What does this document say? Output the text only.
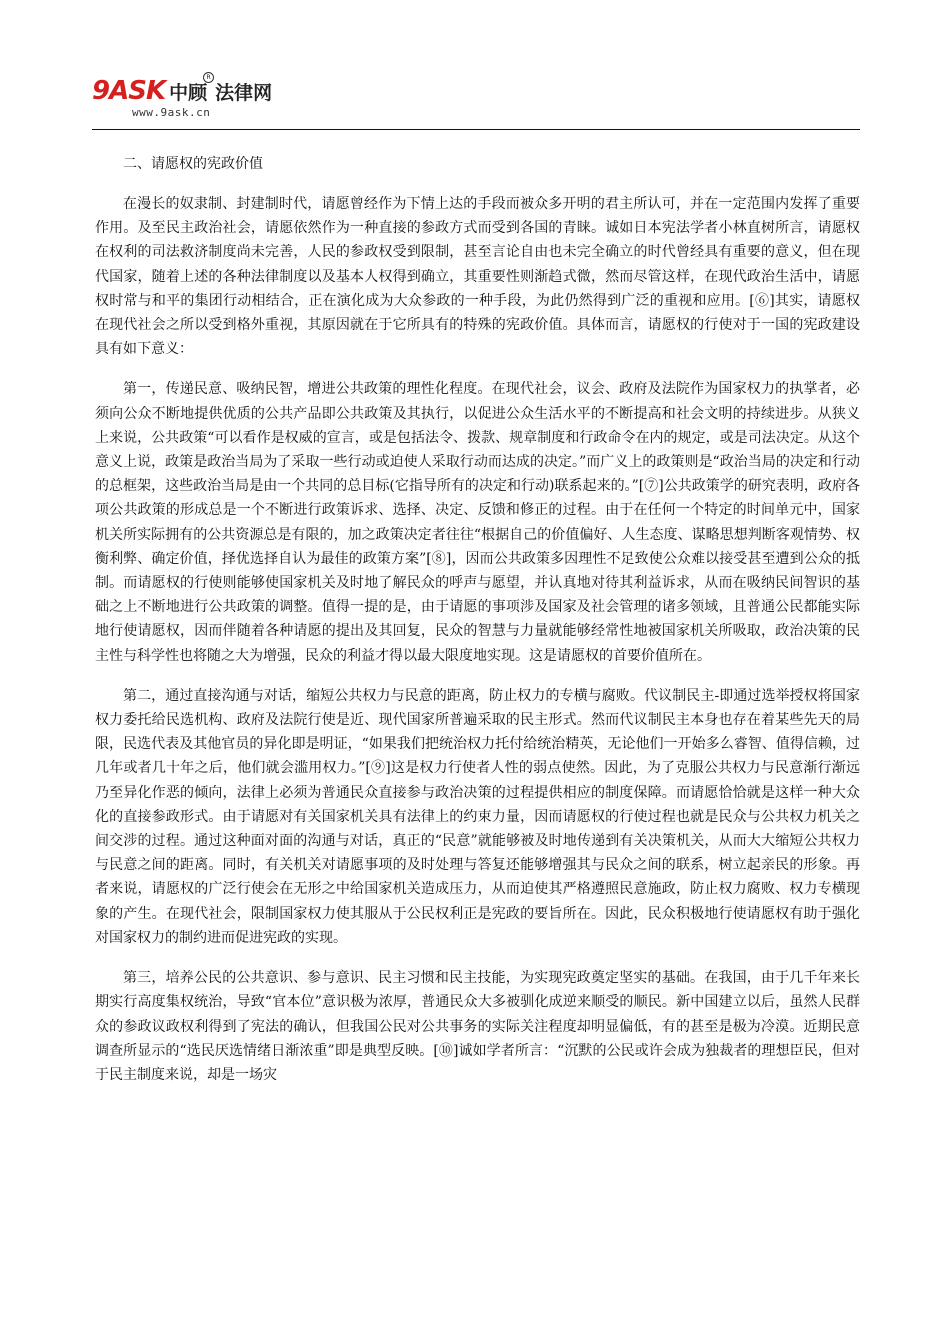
9ASK 中顾
R
法律网
www.9ask.cn

二、请愿权的宪政价值

在漫长的奴隶制、封建制时代，请愿曾经作为下情上达的手段而被众多开明的君主所认可，并在一定范围内发挥了重要作用。及至民主政治社会，请愿依然作为一种直接的参政方式而受到各国的青睐。诚如日本宪法学者小林直树所言，请愿权在权利的司法救济制度尚未完善，人民的参政权受到限制，甚至言论自由也未完全确立的时代曾经具有重要的意义，但在现代国家，随着上述的各种法律制度以及基本人权得到确立，其重要性则渐趋式微，然而尽管这样，在现代政治生活中，请愿权时常与和平的集团行动相结合，正在演化成为大众参政的一种手段，为此仍然得到广泛的重视和应用。[⑥]其实，请愿权在现代社会之所以受到格外重视，其原因就在于它所具有的特殊的宪政价值。具体而言，请愿权的行使对于一国的宪政建设具有如下意义：

第一，传递民意、吸纳民智，增进公共政策的理性化程度。在现代社会，议会、政府及法院作为国家权力的执掌者，必须向公众不断地提供优质的公共产品即公共政策及其执行，以促进公众生活水平的不断提高和社会文明的持续进步。从狭义上来说，公共政策“可以看作是权威的宣言，或是包括法令、拨款、规章制度和行政命令在内的规定，或是司法决定。从这个意义上说，政策是政治当局为了采取一些行动或迫使人采取行动而达成的决定。”而广义上的政策则是“政治当局的决定和行动的总框架，这些政治当局是由一个共同的总目标(它指导所有的决定和行动)联系起来的。”[⑦]公共政策学的研究表明，政府各项公共政策的形成总是一个不断进行政策诉求、选择、决定、反馈和修正的过程。由于在任何一个特定的时间单元中，国家机关所实际拥有的公共资源总是有限的，加之政策决定者往往“根据自己的价值偏好、人生态度、谋略思想判断客观情势、权衡利弊、确定价值，择优选择自认为最佳的政策方案”[⑧]，因而公共政策多因理性不足致使公众难以接受甚至遭到公众的抵制。而请愿权的行使则能够使国家机关及时地了解民众的呼声与愿望，并认真地对待其利益诉求，从而在吸纳民间智识的基础之上不断地进行公共政策的调整。值得一提的是，由于请愿的事项涉及国家及社会管理的诸多领域，且普通公民都能实际地行使请愿权，因而伴随着各种请愿的提出及其回复，民众的智慧与力量就能够经常性地被国家机关所吸取，政治决策的民主性与科学性也将随之大为增强，民众的利益才得以最大限度地实现。这是请愿权的首要价值所在。

第二，通过直接沟通与对话，缩短公共权力与民意的距离，防止权力的专横与腐败。代议制民主-即通过选举授权将国家权力委托给民选机构、政府及法院行使是近、现代国家所普遍采取的民主形式。然而代议制民主本身也存在着某些先天的局限，民选代表及其他官员的异化即是明证，“如果我们把统治权力托付给统治精英，无论他们一开始多么睿智、值得信赖，过几年或者几十年之后，他们就会滥用权力。”[⑨]这是权力行使者人性的弱点使然。因此，为了克服公共权力与民意渐行渐远乃至异化作恶的倾向，法律上必须为普通民众直接参与政治决策的过程提供相应的制度保障。而请愿恰恰就是这样一种大众化的直接参政形式。由于请愿对有关国家机关具有法律上的约束力量，因而请愿权的行使过程也就是民众与公共权力机关之间交涉的过程。通过这种面对面的沟通与对话，真正的“民意”就能够被及时地传递到有关决策机关，从而大大缩短公共权力与民意之间的距离。同时，有关机关对请愿事项的及时处理与答复还能够增强其与民众之间的联系，树立起亲民的形象。再者来说，请愿权的广泛行使会在无形之中给国家机关造成压力，从而迫使其严格遵照民意施政，防止权力腐败、权力专横现象的产生。在现代社会，限制国家权力使其服从于公民权利正是宪政的要旨所在。因此，民众积极地行使请愿权有助于强化对国家权力的制约进而促进宪政的实现。

第三，培养公民的公共意识、参与意识、民主习惯和民主技能，为实现宪政奠定坚实的基础。在我国，由于几千年来长期实行高度集权统治，导致“官本位”意识极为浓厚，普通民众大多被驯化成逆来顺受的顺民。新中国建立以后，虽然人民群众的参政议政权利得到了宪法的确认，但我国公民对公共事务的实际关注程度却明显偏低，有的甚至是极为冷漠。近期民意调查所显示的“选民厌选情绪日渐浓重”即是典型反映。[⑩]诚如学者所言：“沉默的公民或许会成为独裁者的理想臣民，但对于民主制度来说，却是一场灾
